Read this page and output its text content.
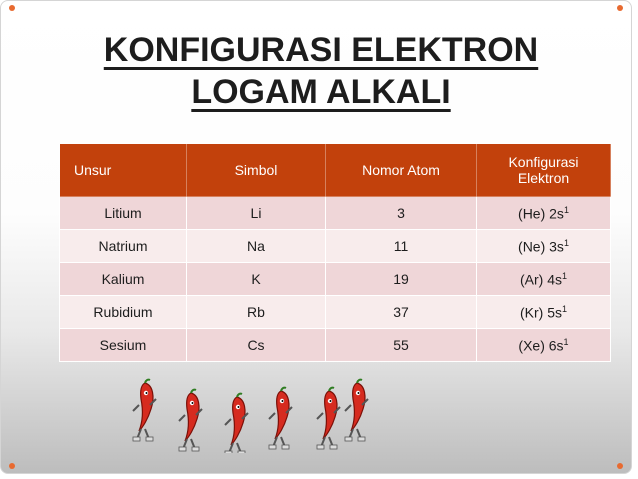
KONFIGURASI ELEKTRON
LOGAM ALKALI
Unsur	Simbol	Nomor Atom	Konfigurasi Elektron
Litium	Li	3	(He) $2s^1$
Natrium	Na	11	(Ne) $3s^1$
Kalium	K	19	(Ar) $4s^1$
Rubidium	Rb	37	(Kr) $5s^1$
Sesium	Cs	55	(Xe) $6s^1$
